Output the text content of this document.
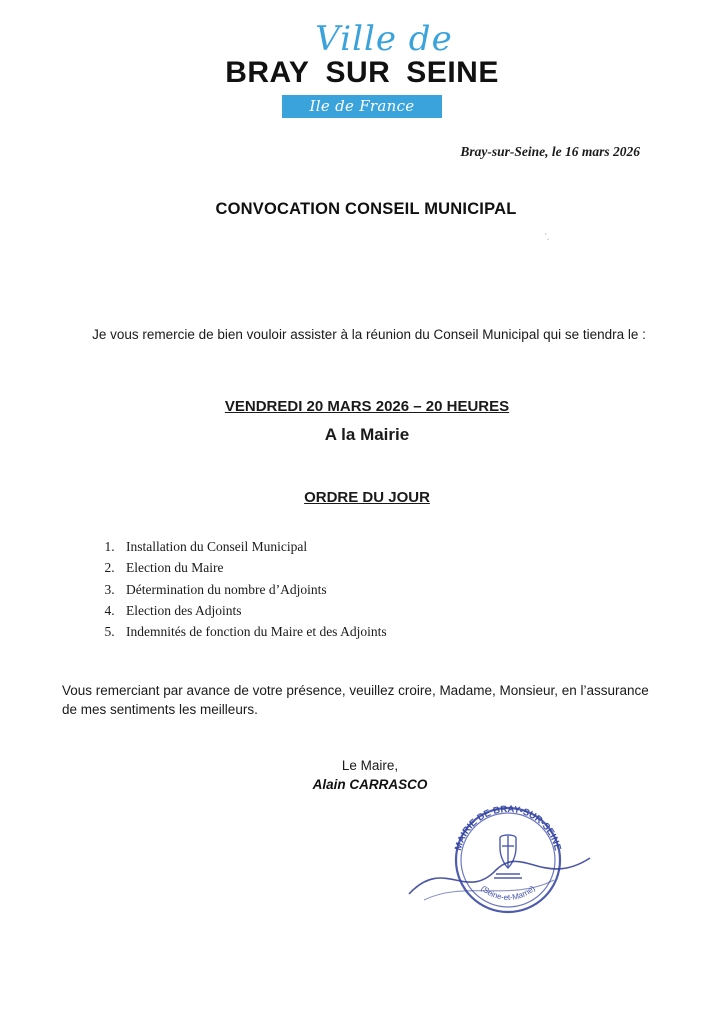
Ville de
BRAY SUR SEINE
Ile de France
Bray-sur-Seine, le 16 mars 2026
CONVOCATION CONSEIL MUNICIPAL
'.
Je vous remercie de bien vouloir assister à la réunion du Conseil Municipal qui se tiendra le :
VENDREDI 20 MARS 2026 – 20 HEURES
A la Mairie
ORDRE DU JOUR
1. Installation du Conseil Municipal
2. Election du Maire
3. Détermination du nombre d’Adjoints
4. Election des Adjoints
5. Indemnités de fonction du Maire et des Adjoints
Vous remerciant par avance de votre présence, veuillez croire, Madame, Monsieur, en l’assurance de mes sentiments les meilleurs.
Le Maire,
Alain CARRASCO
MAIRIE DE BRAY-SUR-SEINE
(Seine-et-Marne)
